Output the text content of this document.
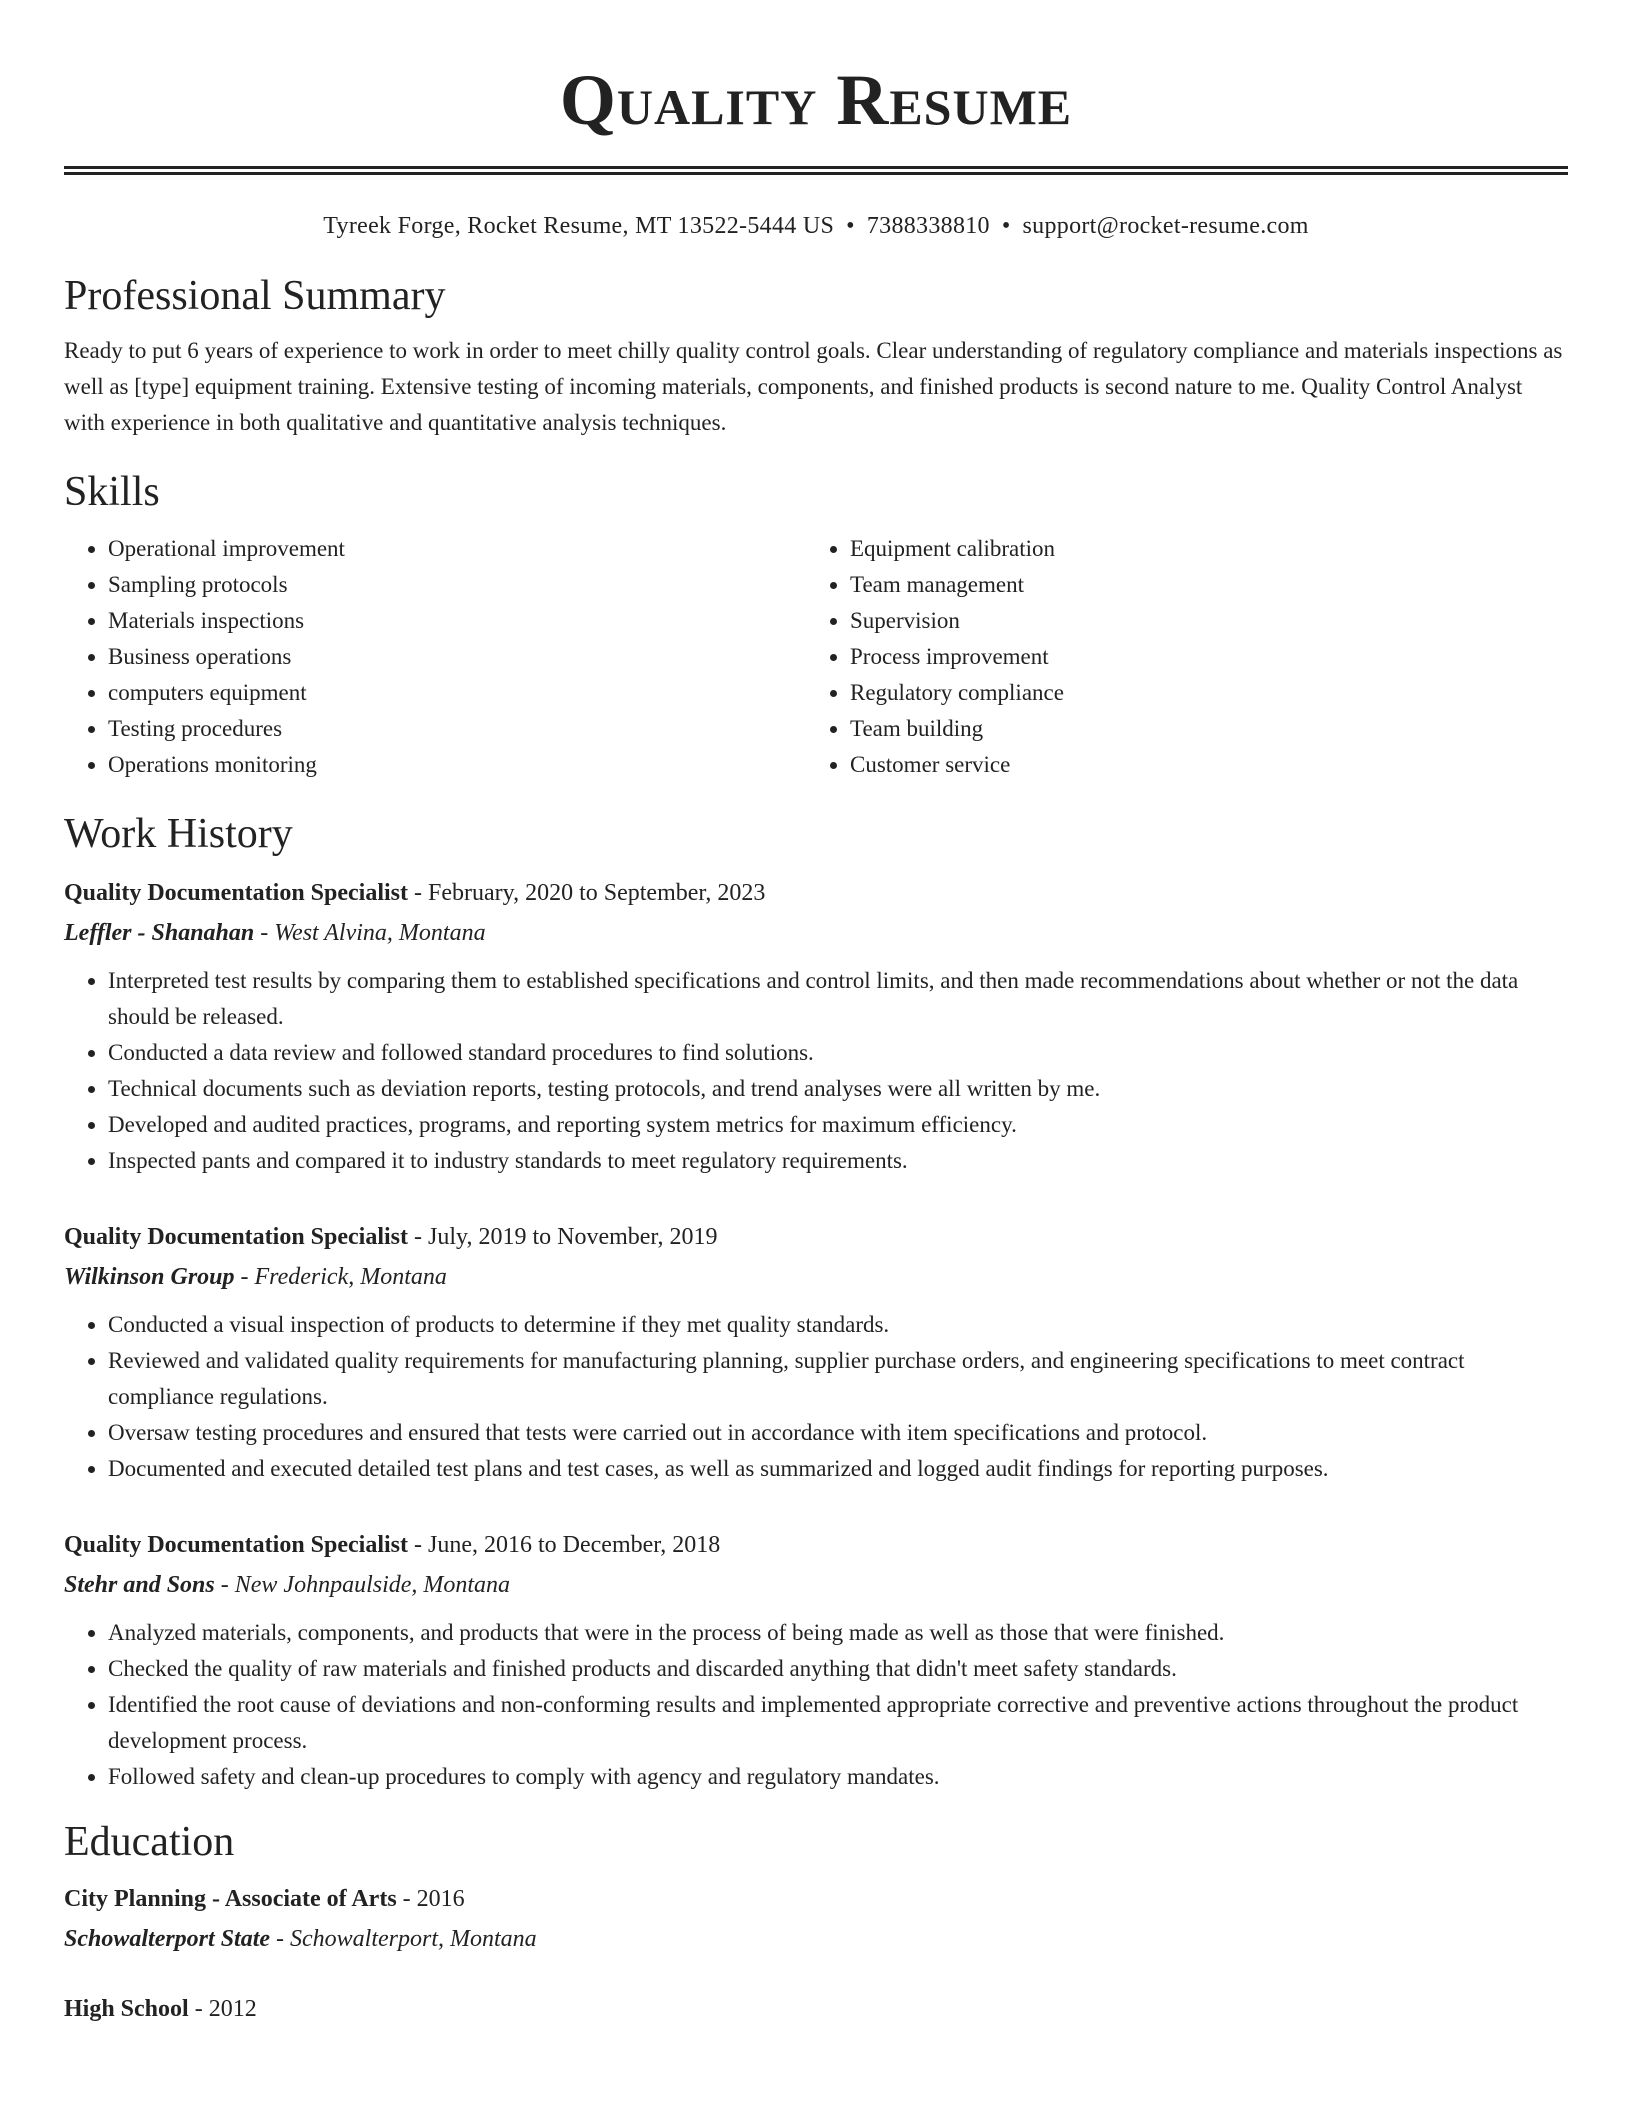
Quality Resume
Tyreek Forge, Rocket Resume, MT 13522-5444 US • 7388338810 • support@rocket-resume.com
Professional Summary

Ready to put 6 years of experience to work in order to meet chilly quality control goals. Clear understanding of regulatory compliance and materials inspections as well as [type] equipment training. Extensive testing of incoming materials, components, and finished products is second nature to me. Quality Control Analyst with experience in both qualitative and quantitative analysis techniques.

Skills
• Operational improvement
• Sampling protocols
• Materials inspections
• Business operations
• computers equipment
• Testing procedures
• Operations monitoring
• Equipment calibration
• Team management
• Supervision
• Process improvement
• Regulatory compliance
• Team building
• Customer service
Work History
Quality Documentation Specialist - February, 2020 to September, 2023
Leffler - Shanahan - West Alvina, Montana
• Interpreted test results by comparing them to established specifications and control limits, and then made recommendations about whether or not the data should be released.
• Conducted a data review and followed standard procedures to find solutions.
• Technical documents such as deviation reports, testing protocols, and trend analyses were all written by me.
• Developed and audited practices, programs, and reporting system metrics for maximum efficiency.
• Inspected pants and compared it to industry standards to meet regulatory requirements.
Quality Documentation Specialist - July, 2019 to November, 2019
Wilkinson Group - Frederick, Montana
• Conducted a visual inspection of products to determine if they met quality standards.
• Reviewed and validated quality requirements for manufacturing planning, supplier purchase orders, and engineering specifications to meet contract compliance regulations.
• Oversaw testing procedures and ensured that tests were carried out in accordance with item specifications and protocol.
• Documented and executed detailed test plans and test cases, as well as summarized and logged audit findings for reporting purposes.
Quality Documentation Specialist - June, 2016 to December, 2018
Stehr and Sons - New Johnpaulside, Montana
• Analyzed materials, components, and products that were in the process of being made as well as those that were finished.
• Checked the quality of raw materials and finished products and discarded anything that didn't meet safety standards.
• Identified the root cause of deviations and non-conforming results and implemented appropriate corrective and preventive actions throughout the product development process.
• Followed safety and clean-up procedures to comply with agency and regulatory mandates.
Education
City Planning - Associate of Arts - 2016
Schowalterport State - Schowalterport, Montana
High School - 2012
